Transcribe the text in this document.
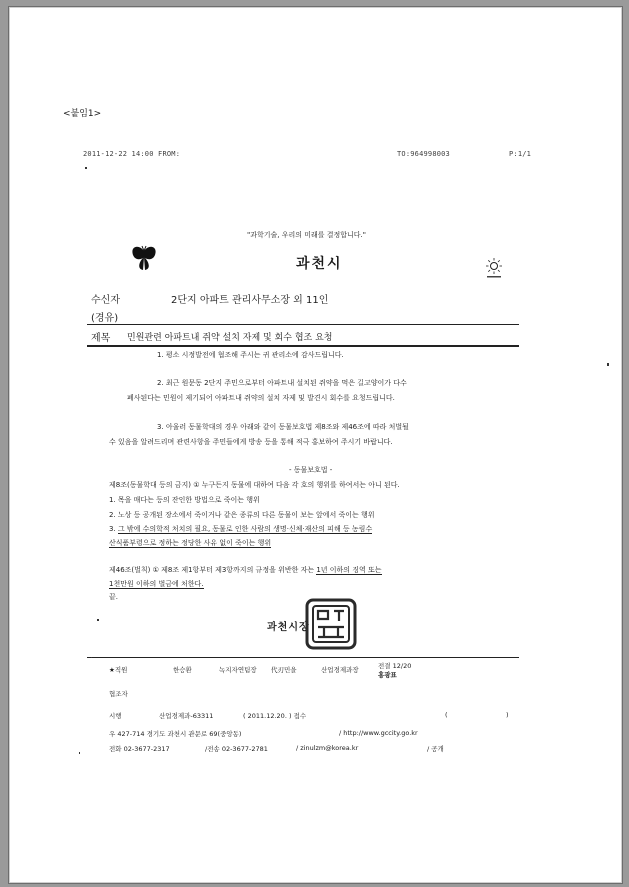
<붙임1>
2011-12-22 14:00 FROM:	TO:964998003	P:1/1
"과학기술, 우리의 미래를 결정합니다."
과천시
수신자	2단지 아파트 관리사무소장 외 11인
(경유)
제목 민원관련 아파트내 쥐약 설치 자제 및 회수 협조 요청
1. 평소 시정발전에 협조해 주시는 귀 관리소에 감사드립니다.
2. 최근 원문동 2단지 주민으로부터 아파트내 설치된 쥐약을 먹은 길고양이가 다수
폐사된다는 민원이 제기되어 아파트내 쥐약의 설치 자제 및 발견시 회수를 요청드립니다.
3. 아울러 동물학대의 경우 아래와 같이 동물보호법 제8조와 제46조에 따라 처벌될
수 있음을 알려드리며 관련사항을 주민들에게 방송 등을 통해 적극 홍보하여 주시기 바랍니다.
- 동물보호법 -
제8조(동물학대 등의 금지) ① 누구든지 동물에 대하여 다음 각 호의 행위를 하여서는 아니 된다.
1. 목을 매다는 등의 잔인한 방법으로 죽이는 행위
2. 노상 등 공개된 장소에서 죽이거나 같은 종류의 다른 동물이 보는 앞에서 죽이는 행위
3. 그 밖에 수의학적 처치의 필요, 동물로 인한 사람의 생명·신체·재산의 피해 등 농림수
산식품부령으로 정하는 정당한 사유 없이 죽이는 행위
제46조(벌칙) ① 제8조 제1항부터 제3항까지의 규정을 위반한 자는 1년 이하의 징역 또는
1천만원 이하의 벌금에 처한다.
끝.
과천시장
★직원	한승환	녹지자연팀장 代刃민을	산업경제과장	전결 12/20
홍광표
협조자
시행	산업경제과-63311	( 2011.12.20. ) 접수	(	)
우 427-714 경기도 과천시 관문로 69(중앙동)	/ http://www.gccity.go.kr
전화 02-3677-2317	/전송 02-3677-2781	/ zinulzm@korea.kr	/ 공개
